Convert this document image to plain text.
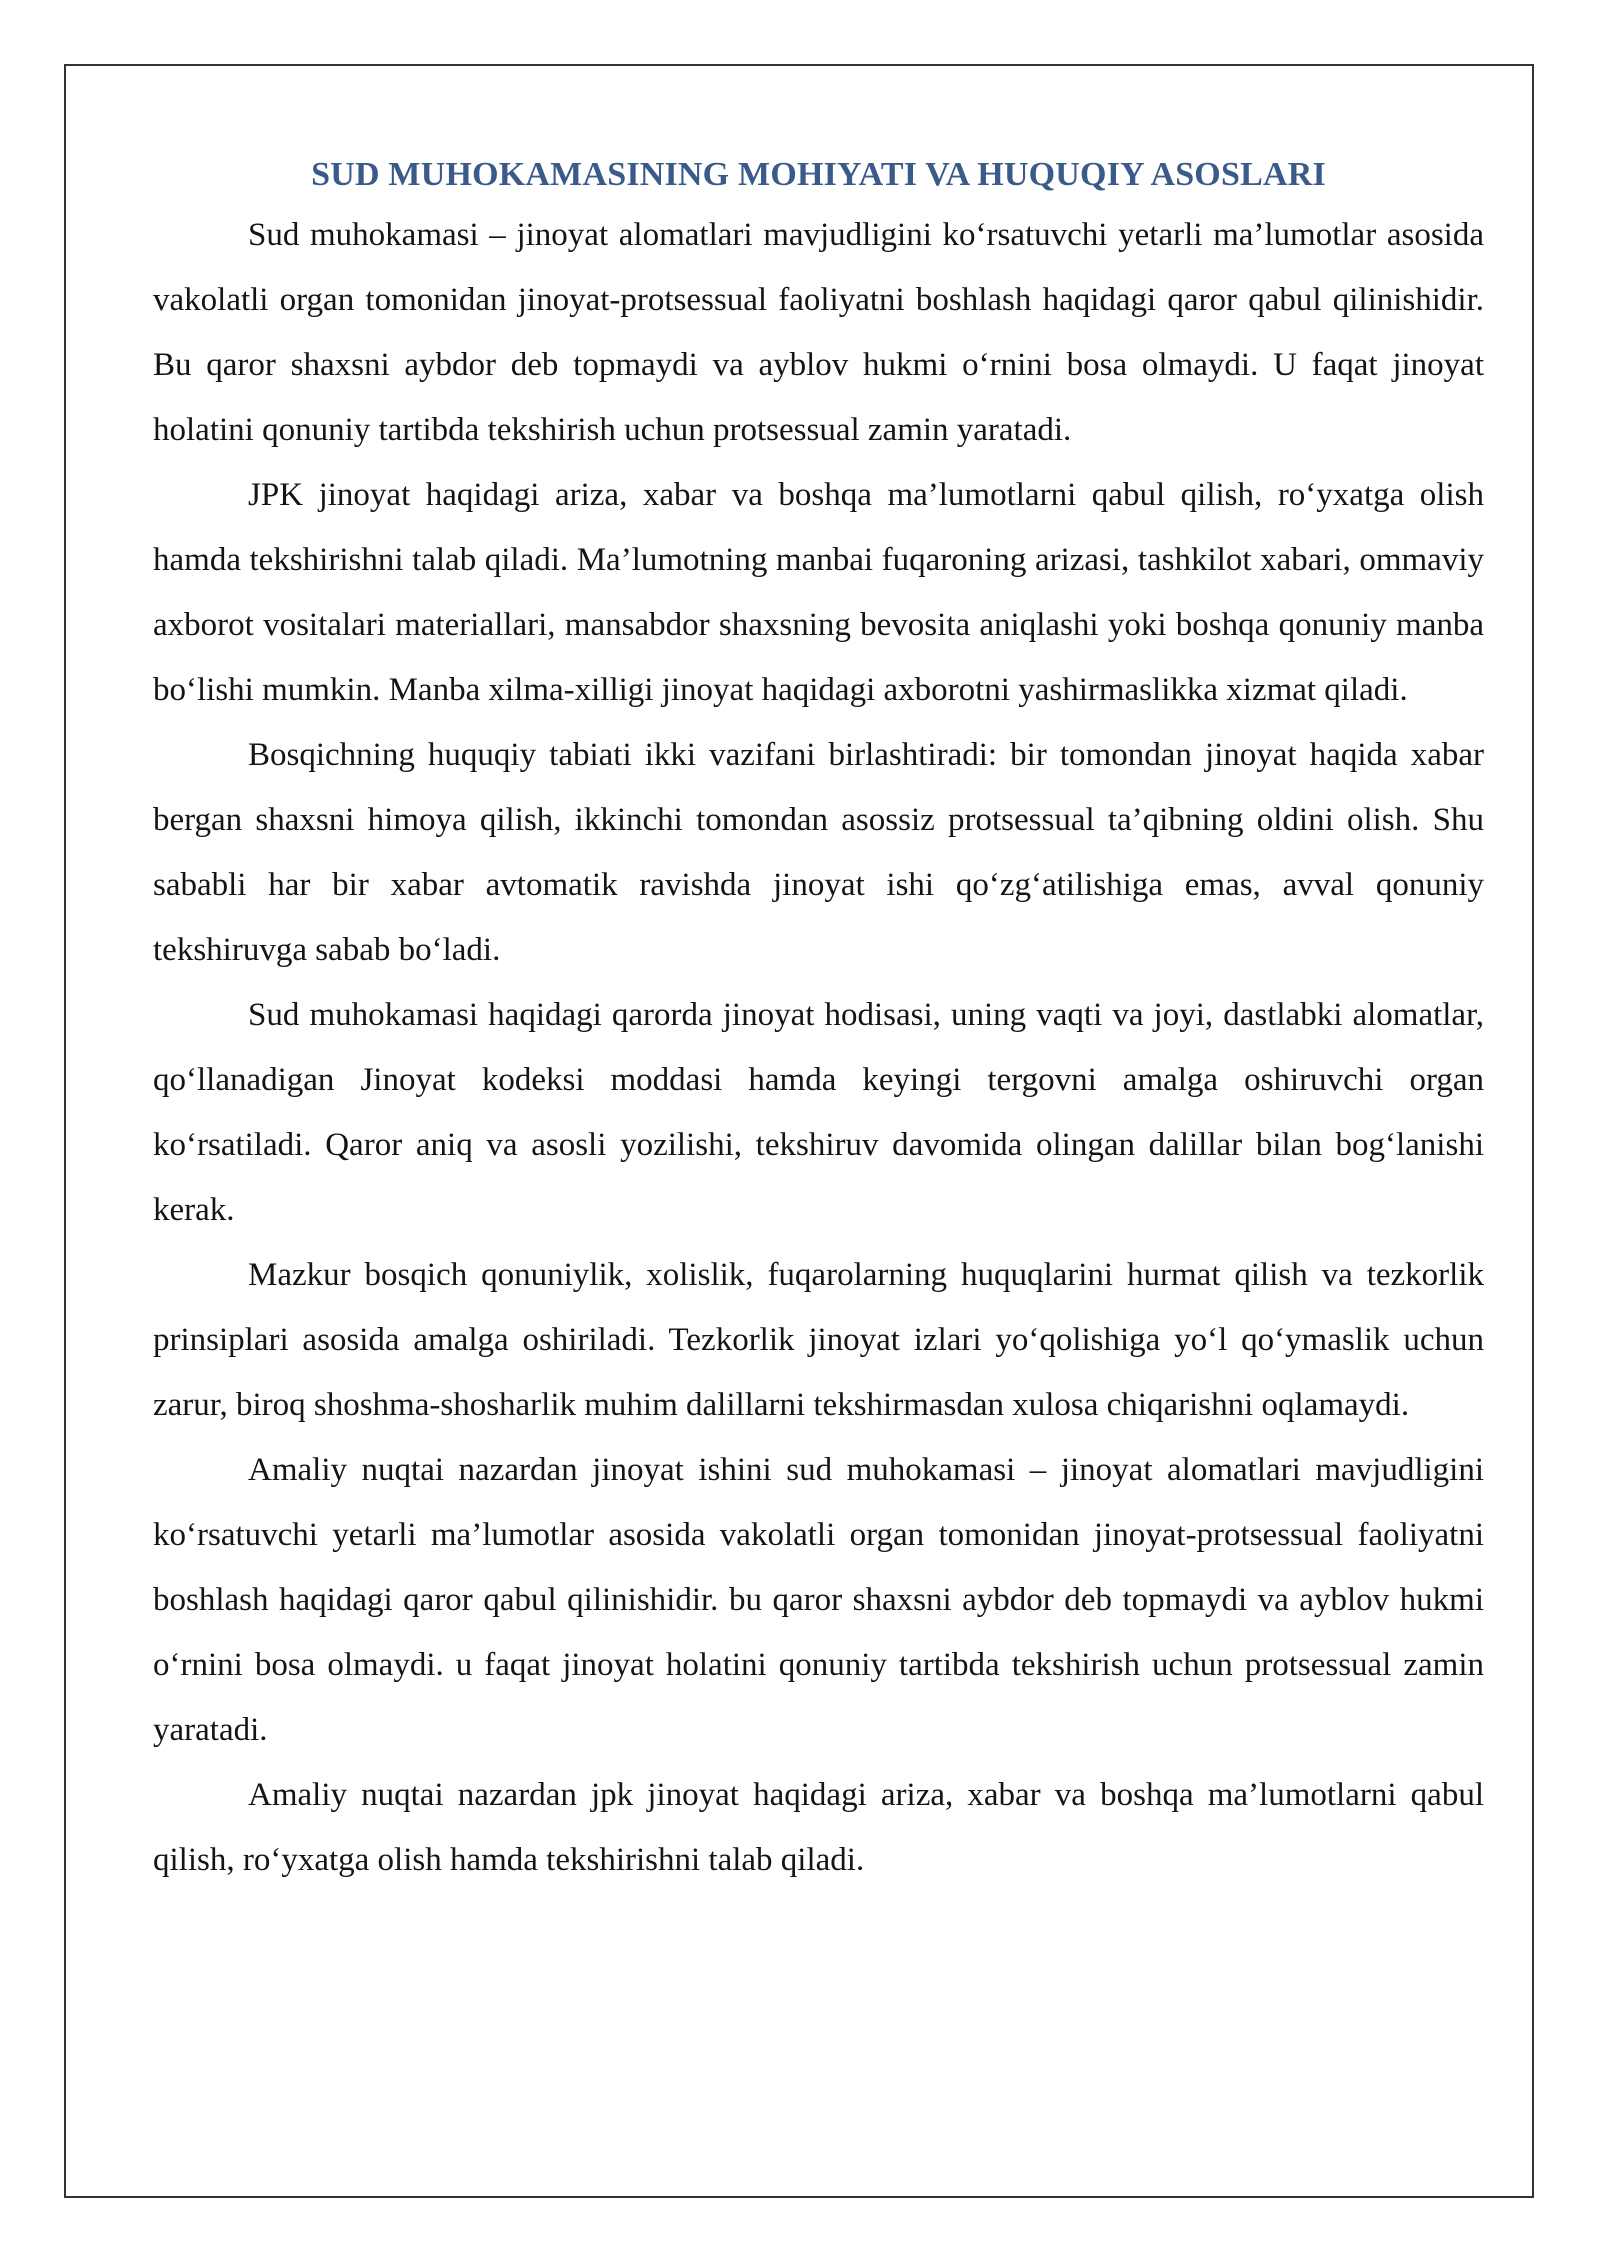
SUD MUHOKAMASINING MOHIYATI VA HUQUQIY ASOSLARI

Sud muhokamasi – jinoyat alomatlari mavjudligini ko‘rsatuvchi yetarli ma’lumotlar asosida vakolatli organ tomonidan jinoyat-protsessual faoliyatni boshlash haqidagi qaror qabul qilinishidir. Bu qaror shaxsni aybdor deb topmaydi va ayblov hukmi o‘rnini bosa olmaydi. U faqat jinoyat holatini qonuniy tartibda tekshirish uchun protsessual zamin yaratadi.

JPK jinoyat haqidagi ariza, xabar va boshqa ma’lumotlarni qabul qilish, ro‘yxatga olish hamda tekshirishni talab qiladi. Ma’lumotning manbai fuqaroning arizasi, tashkilot xabari, ommaviy axborot vositalari materiallari, mansabdor shaxsning bevosita aniqlashi yoki boshqa qonuniy manba bo‘lishi mumkin. Manba xilma-xilligi jinoyat haqidagi axborotni yashirmaslikka xizmat qiladi.

Bosqichning huquqiy tabiati ikki vazifani birlashtiradi: bir tomondan jinoyat haqida xabar bergan shaxsni himoya qilish, ikkinchi tomondan asossiz protsessual ta’qibning oldini olish. Shu sababli har bir xabar avtomatik ravishda jinoyat ishi qo‘zg‘atilishiga emas, avval qonuniy tekshiruvga sabab bo‘ladi.

Sud muhokamasi haqidagi qarorda jinoyat hodisasi, uning vaqti va joyi, dastlabki alomatlar, qo‘llanadigan Jinoyat kodeksi moddasi hamda keyingi tergovni amalga oshiruvchi organ ko‘rsatiladi. Qaror aniq va asosli yozilishi, tekshiruv davomida olingan dalillar bilan bog‘lanishi kerak.

Mazkur bosqich qonuniylik, xolislik, fuqarolarning huquqlarini hurmat qilish va tezkorlik prinsiplari asosida amalga oshiriladi. Tezkorlik jinoyat izlari yo‘qolishiga yo‘l qo‘ymaslik uchun zarur, biroq shoshma-shosharlik muhim dalillarni tekshirmasdan xulosa chiqarishni oqlamaydi.

Amaliy nuqtai nazardan jinoyat ishini sud muhokamasi – jinoyat alomatlari mavjudligini ko‘rsatuvchi yetarli ma’lumotlar asosida vakolatli organ tomonidan jinoyat-protsessual faoliyatni boshlash haqidagi qaror qabul qilinishidir. bu qaror shaxsni aybdor deb topmaydi va ayblov hukmi o‘rnini bosa olmaydi. u faqat jinoyat holatini qonuniy tartibda tekshirish uchun protsessual zamin yaratadi.

Amaliy nuqtai nazardan jpk jinoyat haqidagi ariza, xabar va boshqa ma’lumotlarni qabul qilish, ro‘yxatga olish hamda tekshirishni talab qiladi.
